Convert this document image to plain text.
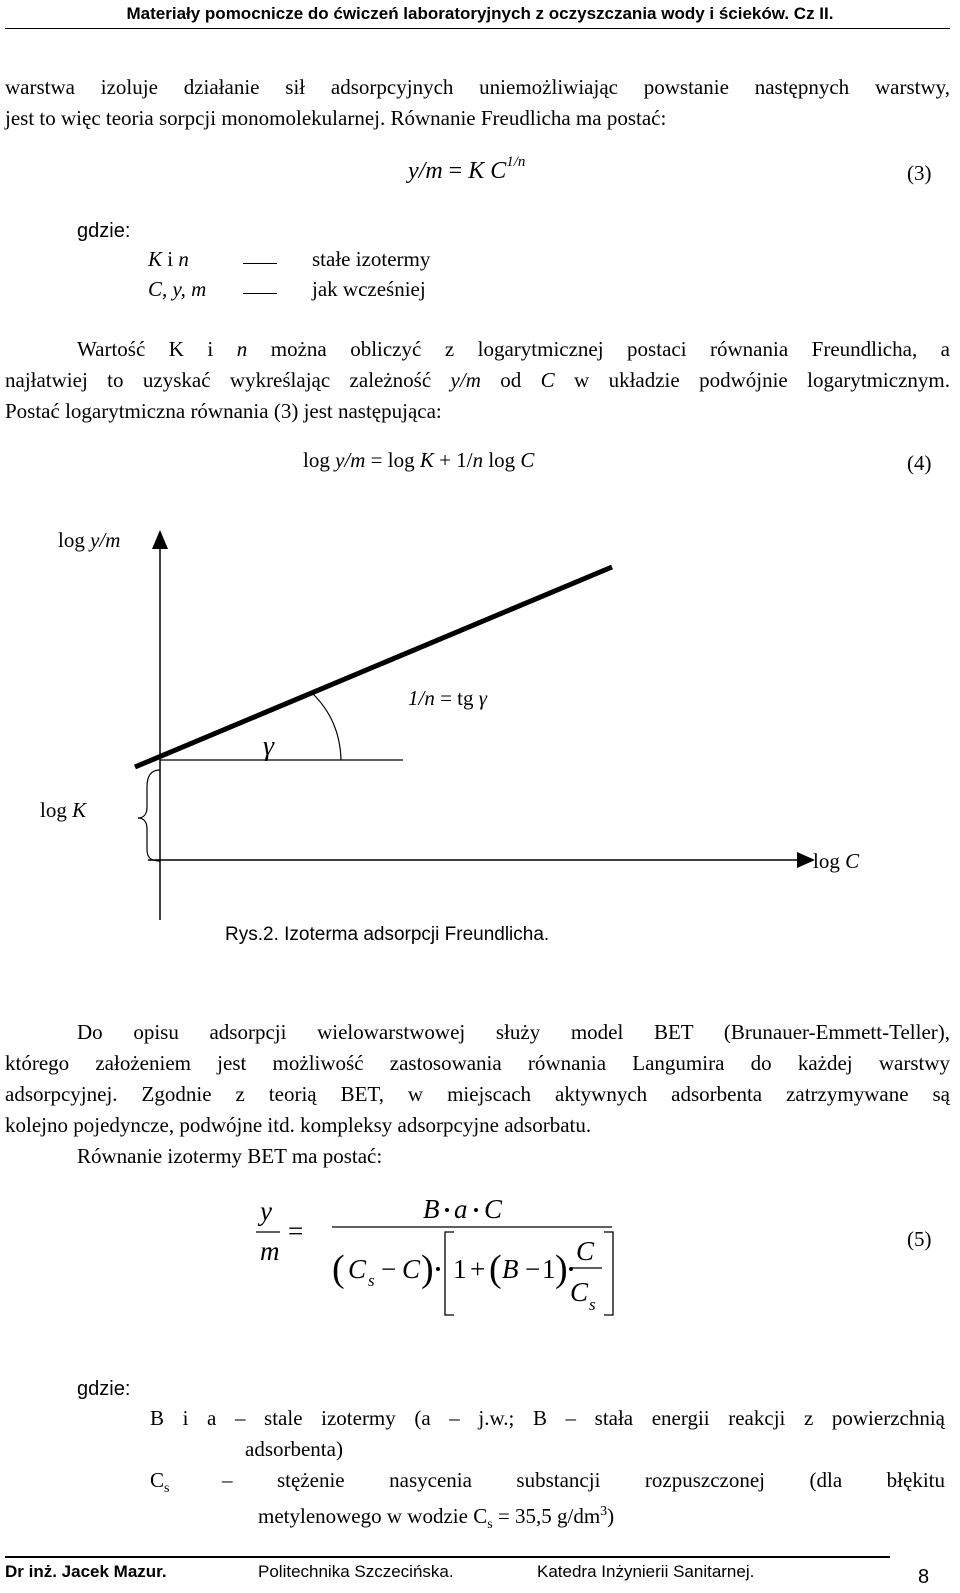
Materiały pomocnicze do ćwiczeń laboratoryjnych z oczyszczania wody i ścieków. Cz II.
warstwa izoluje działanie sił adsorpcyjnych uniemożliwiając powstanie następnych warstwy,
jest to więc teoria sorpcji monomolekularnej. Równanie Freudlicha ma postać:
y/m = K $C^{1/n}$	(3)
gdzie:
K i n	stałe izotermy
C, y, m	jak wcześniej
Wartość K i n można obliczyć z logarytmicznej postaci równania Freundlicha, a
najłatwiej to uzyskać wykreślając zależność y/m od C w układzie podwójnie logarytmicznym.
Postać logarytmiczna równania (3) jest następująca:
log y/m = log K + 1/n log C	(4)
log y/m
log K
log C
γ
1/n = tg γ
Rys.2. Izoterma adsorpcji Freundlicha.
Do opisu adsorpcji wielowarstwowej służy model BET (Brunauer-Emmett-Teller),
którego założeniem jest możliwość zastosowania równania Langumira do każdej warstwy
adsorpcyjnej. Zgodnie z teorią BET, w miejscach aktywnych adsorbenta zatrzymywane są
kolejno pojedyncze, podwójne itd. kompleksy adsorpcyjne adsorbatu.
Równanie izotermy BET ma postać:
y
m
=
B a C
( C s − C ) 1 + ( B − 1 ) C
C s
(5)
gdzie:
B i a – stale izotermy (a – j.w.; B – stała energii reakcji z powierzchnią
adsorbenta)
$C_s$	– stężenie nasycenia substancji rozpuszczonej (dla błękitu
metylenowego w wodzie $C_s = 35,5$ $g/dm^3$)
Dr inż. Jacek Mazur.	Politechnika Szczecińska.	Katedra Inżynierii Sanitarnej.	8
